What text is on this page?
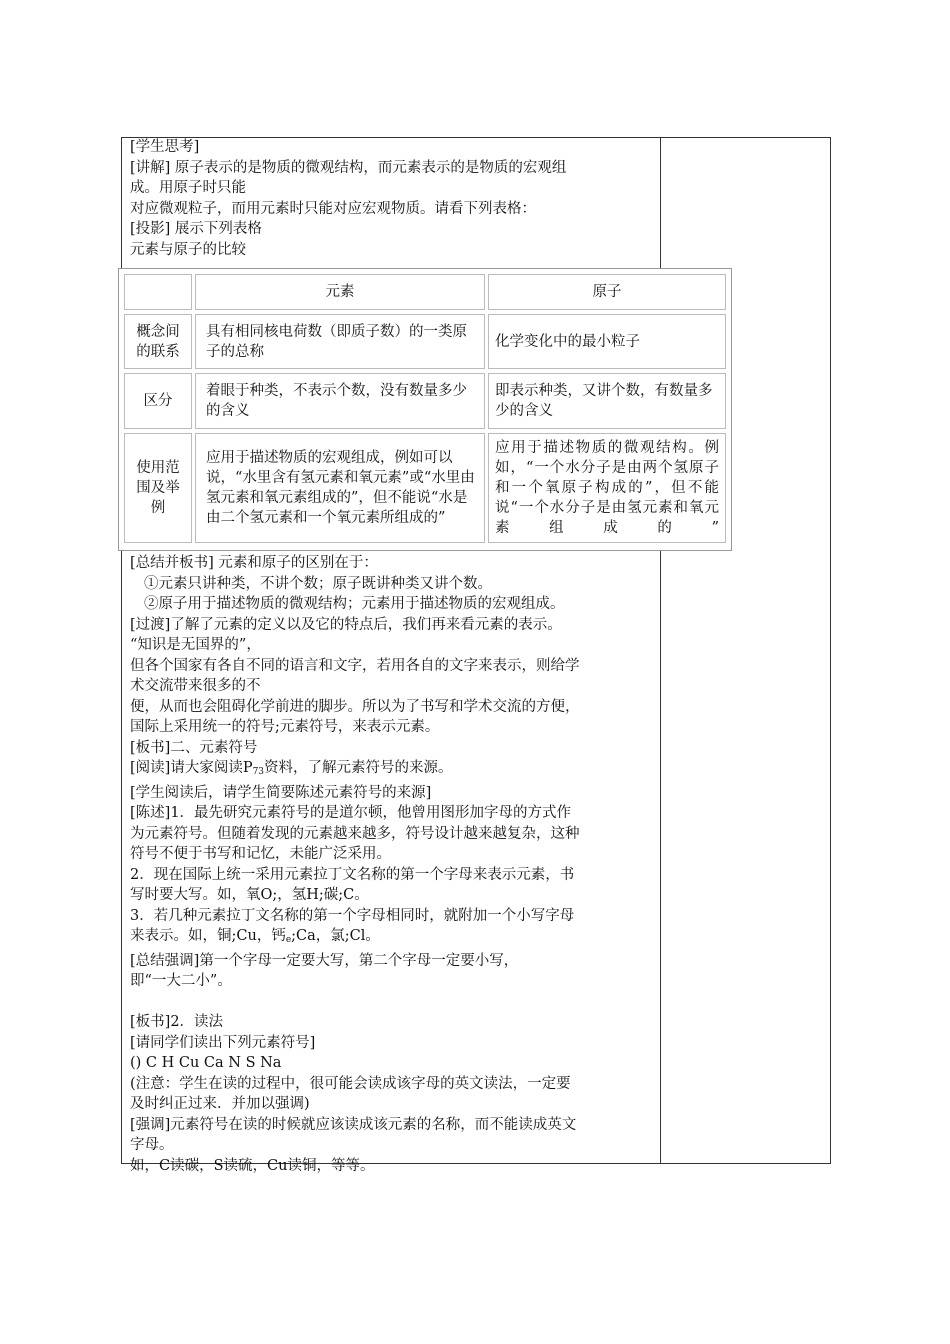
[学生思考]
[讲解] 原子表示的是物质的微观结构，而元素表示的是物质的宏观组
成。用原子时只能
对应微观粒子，而用元素时只能对应宏观物质。请看下列表格：
[投影] 展示下列表格
元素与原子的比较
元素	原子
概念间的联系
具有相同核电荷数（即质子数）的一类原子的总称
化学变化中的最小粒子
区分
着眼于种类，不表示个数，没有数量多少的含义
即表示种类，又讲个数，有数量多少的含义
使用范围及举例
应用于描述物质的宏观组成，例如可以说，“水里含有氢元素和氧元素”或“水里由氢元素和氧元素组成的”，但不能说“水是由二个氢元素和一个氧元素所组成的”
应用于描述物质的微观结构。例如，“一个水分子是由两个氢原子和一个氧原子构成的”，但不能说“一个水分子是由氢元素和氧元素组成的”
[总结并板书] 元素和原子的区别在于：
①元素只讲种类，不讲个数；原子既讲种类又讲个数。
②原子用于描述物质的微观结构；元素用于描述物质的宏观组成。
[过渡]了解了元素的定义以及它的特点后，我们再来看元素的表示。
“知识是无国界的”，
但各个国家有各自不同的语言和文字，若用各自的文字来表示，则给学
术交流带来很多的不
便，从而也会阻碍化学前进的脚步。所以为了书写和学术交流的方便，
国际上采用统一的符号;元素符号，来表示元素。
[板书]二、元素符号
[阅读]请大家阅读$P_{73}$资料，了解元素符号的来源。
[学生阅读后，请学生简要陈述元素符号的来源]
[陈述]1．最先研究元素符号的是道尔顿，他曾用图形加字母的方式作
为元素符号。但随着发现的元素越来越多，符号设计越来越复杂，这种
符号不便于书写和记忆，未能广泛采用。
2．现在国际上统一采用元素拉丁文名称的第一个字母来表示元素，书
写时要大写。如，氧O;，氢H;碳;C。
3．若几种元素拉丁文名称的第一个字母相同时，就附加一个小写字母
来表示。如，铜;Cu，钙$_e$;Ca，氯;Cl。
[总结强调]第一个字母一定要大写，第二个字母一定要小写，
即“一大二小”。
[板书]2．读法
[请同学们读出下列元素符号]
() C H Cu Ca N S Na
(注意：学生在读的过程中，很可能会读成该字母的英文读法，一定要
及时纠正过来．并加以强调)
[强调]元素符号在读的时候就应该读成该元素的名称，而不能读成英文
字母。
如，C读碳，S读硫，Cu读铜，等等。
